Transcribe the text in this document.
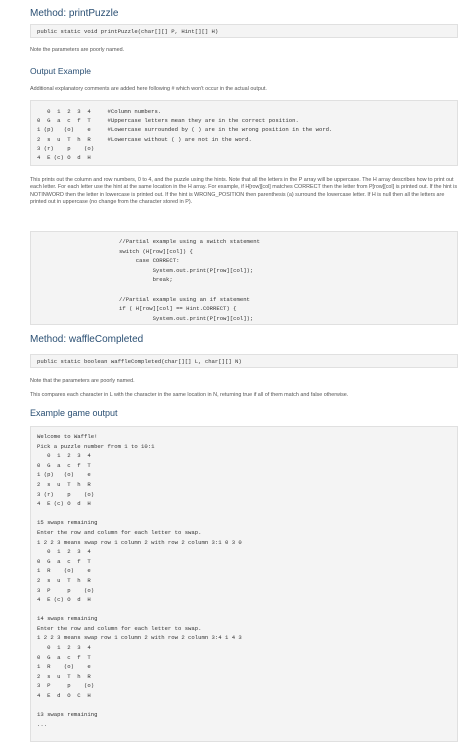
Method: printPuzzle
public static void printPuzzle(char[][] P, Hint[][] H)
Note the parameters are poorly named.
Output Example
Additional explanatory comments are added here following # which won't occur in the actual output.
0  1  2  3  4     #Column numbers.
0  G  a  c  f  T     #Uppercase letters mean they are in the correct position.
1 (p)   (o)    e     #Lowercase surrounded by ( ) are in the wrong position in the word.
2  s  u  T  h  R     #Lowercase without ( ) are not in the word.
3 (r)    p    (o)
4  E (c) O  d  H
This prints out the column and row numbers, 0 to 4, and the puzzle using the hints. Note that all the letters in the P array will be uppercase. The H array describes how to print out each letter. For each letter use the hint at the same location in the H array. For example, if H[row][col] matches CORRECT then the letter from P[row][col] is printed out. If the hint is NOTINWORD then the letter in lowercase is printed out. If the hint is WRONG_POSITION then parenthesis (a) surround the lowercase letter. If H is null then all the letters are printed out in uppercase (no change from the character stored in P).
//Partial example using a switch statement
switch (H[row][col]) {
case CORRECT:
System.out.print(P[row][col]);
break;
//Partial example using an if statement
if ( H[row][col] == Hint.CORRECT) {
System.out.print(P[row][col]);
Method: waffleCompleted
public static boolean waffleCompleted(char[][] L, char[][] N)
Note that the parameters are poorly named.
This compares each character in L with the character in the same location in N, returning true if all of them match and false otherwise.
Example game output
Welcome to Waffle!
Pick a puzzle number from 1 to 10:1
0  1  2  3  4
0  G  a  c  f  T
1 (p)   (o)    e
2  s  u  T  h  R
3 (r)    p    (o)
4  E (c) O  d  H
15 swaps remaining
Enter the row and column for each letter to swap.
1 2 2 3 means swap row 1 column 2 with row 2 column 3:1 0 3 0
0  1  2  3  4
0  G  a  c  f  T
1  R    (o)    e
2  s  u  T  h  R
3  P     p    (o)
4  E (c) O  d  H
14 swaps remaining
Enter the row and column for each letter to swap.
1 2 2 3 means swap row 1 column 2 with row 2 column 3:4 1 4 3
0  1  2  3  4
0  G  a  c  f  T
1  R    (o)    e
2  s  u  T  h  R
3  P     p    (o)
4  E  d  O  C  H
13 swaps remaining
...
